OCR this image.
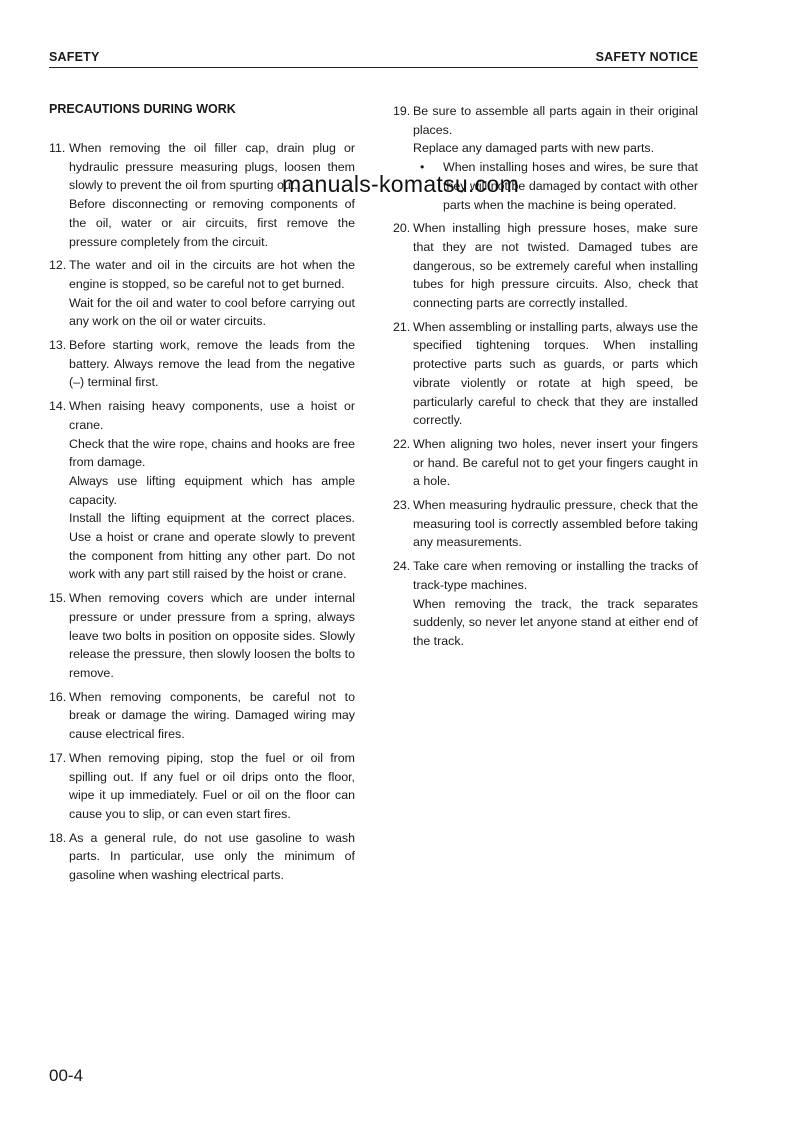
SAFETY	SAFETY NOTICE
PRECAUTIONS DURING WORK
11. When removing the oil filler cap, drain plug or hydraulic pressure measuring plugs, loosen them slowly to prevent the oil from spurting out.

Before disconnecting or removing components of the oil, water or air circuits, first remove the pressure completely from the circuit.

12. The water and oil in the circuits are hot when the engine is stopped, so be careful not to get burned.

Wait for the oil and water to cool before carrying out any work on the oil or water circuits.

13. Before starting work, remove the leads from the battery. Always remove the lead from the negative (–) terminal first.

14. When raising heavy components, use a hoist or crane.

Check that the wire rope, chains and hooks are free from damage.

Always use lifting equipment which has ample capacity.

Install the lifting equipment at the correct places. Use a hoist or crane and operate slowly to prevent the component from hitting any other part. Do not work with any part still raised by the hoist or crane.

15. When removing covers which are under internal pressure or under pressure from a spring, always leave two bolts in position on opposite sides. Slowly release the pressure, then slowly loosen the bolts to remove.

16. When removing components, be careful not to break or damage the wiring. Damaged wiring may cause electrical fires.

17. When removing piping, stop the fuel or oil from spilling out. If any fuel or oil drips onto the floor, wipe it up immediately. Fuel or oil on the floor can cause you to slip, or can even start fires.

18. As a general rule, do not use gasoline to wash parts. In particular, use only the minimum of gasoline when washing electrical parts.

19. Be sure to assemble all parts again in their original places.

Replace any damaged parts with new parts.

• When installing hoses and wires, be sure that they will not be damaged by contact with other parts when the machine is being operated.
20. When installing high pressure hoses, make sure that they are not twisted. Damaged tubes are dangerous, so be extremely careful when installing tubes for high pressure circuits. Also, check that connecting parts are correctly installed.

21. When assembling or installing parts, always use the specified tightening torques. When installing protective parts such as guards, or parts which vibrate violently or rotate at high speed, be particularly careful to check that they are installed correctly.

22. When aligning two holes, never insert your fingers or hand. Be careful not to get your fingers caught in a hole.

23. When measuring hydraulic pressure, check that the measuring tool is correctly assembled before taking any measurements.

24. Take care when removing or installing the tracks of track-type machines.

When removing the track, the track separates suddenly, so never let anyone stand at either end of the track.

manuals-komatsu.com
00-4
